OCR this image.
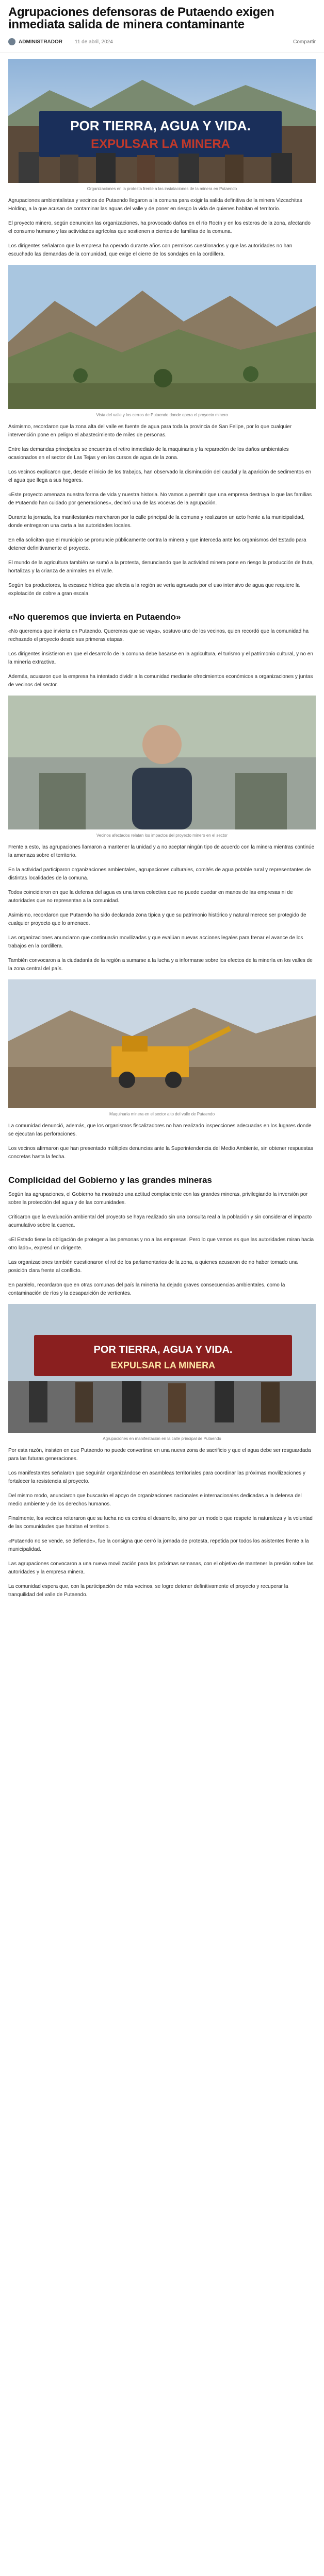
Agrupaciones defensoras de Putaendo exigen inmediata salida de minera contaminante
ADMINISTRADOR 11 de abril, 2024	Compartir
POR TIERRA, AGUA Y VIDA.
EXPULSAR LA MINERA

Organizaciones en la protesta frente a las instalaciones de la minera en Putaendo

Agrupaciones ambientalistas y vecinos de Putaendo llegaron a la comuna para exigir la salida definitiva de la minera Vizcachitas Holding, a la que acusan de contaminar las aguas del valle y de poner en riesgo la vida de quienes habitan el territorio.

El proyecto minero, según denuncian las organizaciones, ha provocado daños en el río Rocín y en los esteros de la zona, afectando el consumo humano y las actividades agrícolas que sostienen a cientos de familias de la comuna.

Los dirigentes señalaron que la empresa ha operado durante años con permisos cuestionados y que las autoridades no han escuchado las demandas de la comunidad, que exige el cierre de los sondajes en la cordillera.

Vista del valle y los cerros de Putaendo donde opera el proyecto minero

Asimismo, recordaron que la zona alta del valle es fuente de agua para toda la provincia de San Felipe, por lo que cualquier intervención pone en peligro el abastecimiento de miles de personas.

Entre las demandas principales se encuentra el retiro inmediato de la maquinaria y la reparación de los daños ambientales ocasionados en el sector de Las Tejas y en los cursos de agua de la zona.

Los vecinos explicaron que, desde el inicio de los trabajos, han observado la disminución del caudal y la aparición de sedimentos en el agua que llega a sus hogares.

«Este proyecto amenaza nuestra forma de vida y nuestra historia. No vamos a permitir que una empresa destruya lo que las familias de Putaendo han cuidado por generaciones», declaró una de las voceras de la agrupación.

Durante la jornada, los manifestantes marcharon por la calle principal de la comuna y realizaron un acto frente a la municipalidad, donde entregaron una carta a las autoridades locales.

En ella solicitan que el municipio se pronuncie públicamente contra la minera y que interceda ante los organismos del Estado para detener definitivamente el proyecto.

El mundo de la agricultura también se sumó a la protesta, denunciando que la actividad minera pone en riesgo la producción de fruta, hortalizas y la crianza de animales en el valle.

Según los productores, la escasez hídrica que afecta a la región se vería agravada por el uso intensivo de agua que requiere la explotación de cobre a gran escala.

«No queremos que invierta en Putaendo»

«No queremos que invierta en Putaendo. Queremos que se vaya», sostuvo uno de los vecinos, quien recordó que la comunidad ha rechazado el proyecto desde sus primeras etapas.

Los dirigentes insistieron en que el desarrollo de la comuna debe basarse en la agricultura, el turismo y el patrimonio cultural, y no en la minería extractiva.

Además, acusaron que la empresa ha intentado dividir a la comunidad mediante ofrecimientos económicos a organizaciones y juntas de vecinos del sector.

Vecinos afectados relatan los impactos del proyecto minero en el sector

Frente a esto, las agrupaciones llamaron a mantener la unidad y a no aceptar ningún tipo de acuerdo con la minera mientras continúe la amenaza sobre el territorio.

En la actividad participaron organizaciones ambientales, agrupaciones culturales, comités de agua potable rural y representantes de distintas localidades de la comuna.

Todos coincidieron en que la defensa del agua es una tarea colectiva que no puede quedar en manos de las empresas ni de autoridades que no representan a la comunidad.

Asimismo, recordaron que Putaendo ha sido declarada zona típica y que su patrimonio histórico y natural merece ser protegido de cualquier proyecto que lo amenace.

Las organizaciones anunciaron que continuarán movilizadas y que evalúan nuevas acciones legales para frenar el avance de los trabajos en la cordillera.

También convocaron a la ciudadanía de la región a sumarse a la lucha y a informarse sobre los efectos de la minería en los valles de la zona central del país.

Maquinaria minera en el sector alto del valle de Putaendo

La comunidad denunció, además, que los organismos fiscalizadores no han realizado inspecciones adecuadas en los lugares donde se ejecutan las perforaciones.

Los vecinos afirmaron que han presentado múltiples denuncias ante la Superintendencia del Medio Ambiente, sin obtener respuestas concretas hasta la fecha.

Complicidad del Gobierno y las grandes mineras

Según las agrupaciones, el Gobierno ha mostrado una actitud complaciente con las grandes mineras, privilegiando la inversión por sobre la protección del agua y de las comunidades.

Criticaron que la evaluación ambiental del proyecto se haya realizado sin una consulta real a la población y sin considerar el impacto acumulativo sobre la cuenca.

«El Estado tiene la obligación de proteger a las personas y no a las empresas. Pero lo que vemos es que las autoridades miran hacia otro lado», expresó un dirigente.

Las organizaciones también cuestionaron el rol de los parlamentarios de la zona, a quienes acusaron de no haber tomado una posición clara frente al conflicto.

En paralelo, recordaron que en otras comunas del país la minería ha dejado graves consecuencias ambientales, como la contaminación de ríos y la desaparición de vertientes.

POR TIERRA, AGUA Y VIDA.
EXPULSAR LA MINERA

Agrupaciones en manifestación en la calle principal de Putaendo

Por esta razón, insisten en que Putaendo no puede convertirse en una nueva zona de sacrificio y que el agua debe ser resguardada para las futuras generaciones.

Los manifestantes señalaron que seguirán organizándose en asambleas territoriales para coordinar las próximas movilizaciones y fortalecer la resistencia al proyecto.

Del mismo modo, anunciaron que buscarán el apoyo de organizaciones nacionales e internacionales dedicadas a la defensa del medio ambiente y de los derechos humanos.

Finalmente, los vecinos reiteraron que su lucha no es contra el desarrollo, sino por un modelo que respete la naturaleza y la voluntad de las comunidades que habitan el territorio.

«Putaendo no se vende, se defiende», fue la consigna que cerró la jornada de protesta, repetida por todos los asistentes frente a la municipalidad.

Las agrupaciones convocaron a una nueva movilización para las próximas semanas, con el objetivo de mantener la presión sobre las autoridades y la empresa minera.

La comunidad espera que, con la participación de más vecinos, se logre detener definitivamente el proyecto y recuperar la tranquilidad del valle de Putaendo.
